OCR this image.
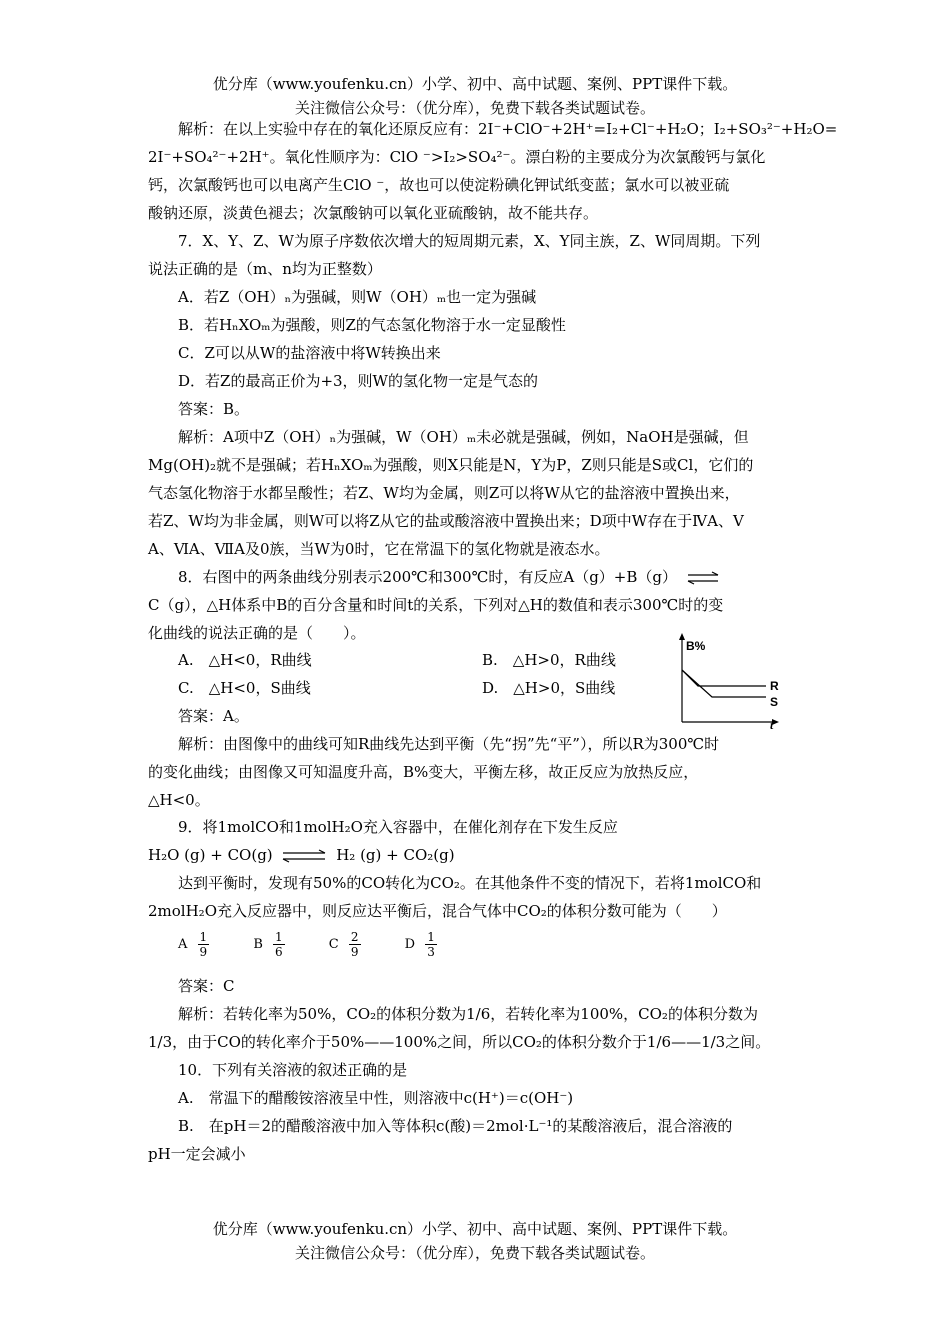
优分库（www.youfenku.cn）小学、初中、高中试题、案例、PPT课件下载。
关注微信公众号：（优分库），免费下载各类试题试卷。
解析：在以上实验中存在的氧化还原反应有：2I⁻+ClO⁻+2H⁺=I₂+Cl⁻+H₂O；I₂+SO₃²⁻+H₂O=
2I⁻+SO₄²⁻+2H⁺。氧化性顺序为：ClO ⁻>I₂>SO₄²⁻。漂白粉的主要成分为次氯酸钙与氯化
钙，次氯酸钙也可以电离产生ClO ⁻，故也可以使淀粉碘化钾试纸变蓝；氯水可以被亚硫
酸钠还原，淡黄色褪去；次氯酸钠可以氧化亚硫酸钠，故不能共存。
7．X、Y、Z、W为原子序数依次增大的短周期元素，X、Y同主族，Z、W同周期。下列
说法正确的是（m、n均为正整数）
A．若Z（OH）ₙ为强碱，则W（OH）ₘ也一定为强碱
B．若HₙXOₘ为强酸，则Z的气态氢化物溶于水一定显酸性
C．Z可以从W的盐溶液中将W转换出来
D．若Z的最高正价为+3，则W的氢化物一定是气态的
答案：B。
解析：A项中Z（OH）ₙ为强碱，W（OH）ₘ未必就是强碱，例如，NaOH是强碱，但
Mg(OH)₂就不是强碱；若HₙXOₘ为强酸，则X只能是N，Y为P，Z则只能是S或Cl，它们的
气态氢化物溶于水都呈酸性；若Z、W均为金属，则Z可以将W从它的盐溶液中置换出来，
若Z、W均为非金属，则W可以将Z从它的盐或酸溶液中置换出来；D项中W存在于ⅣA、V
A、ⅥA、ⅦA及0族，当W为0时，它在常温下的氢化物就是液态水。
8．右图中的两条曲线分别表示200℃和300℃时，有反应A（g）+B（g） ⇌
C（g），△H体系中B的百分含量和时间t的关系，下列对△H的数值和表示300℃时的变
化曲线的说法正确的是（　　）。
A.　△H<0，R曲线	B.　△H>0，R曲线
C.　△H<0，S曲线	D.　△H>0，S曲线
答案：A。
B%
t
R
S
解析：由图像中的曲线可知R曲线先达到平衡（先“拐”先“平”），所以R为300℃时
的变化曲线；由图像又可知温度升高，B%变大，平衡左移，故正反应为放热反应，
△H<0。
9．将1molCO和1molH₂O充入容器中，在催化剂存在下发生反应
H₂O (g) + CO(g) ⇌ H₂ (g) + CO₂(g)
达到平衡时，发现有50%的CO转化为CO₂。在其他条件不变的情况下，若将1molCO和
2molH₂O充入反应器中，则反应达平衡后，混合气体中CO₂的体积分数可能为（　　）
A $\frac{1}{9}$	B $\frac{1}{6}$	C $\frac{2}{9}$	D $\frac{1}{3}$
答案：C
解析：若转化率为50%，CO₂的体积分数为1/6，若转化率为100%，CO₂的体积分数为
1/3，由于CO的转化率介于50%——100%之间，所以CO₂的体积分数介于1/6——1/3之间。
10．下列有关溶液的叙述正确的是
A.　常温下的醋酸铵溶液呈中性，则溶液中c(H⁺)＝c(OH⁻)
B.　在pH＝2的醋酸溶液中加入等体积c(酸)＝2mol·L⁻¹的某酸溶液后，混合溶液的
pH一定会减小
优分库（www.youfenku.cn）小学、初中、高中试题、案例、PPT课件下载。
关注微信公众号：（优分库），免费下载各类试题试卷。
